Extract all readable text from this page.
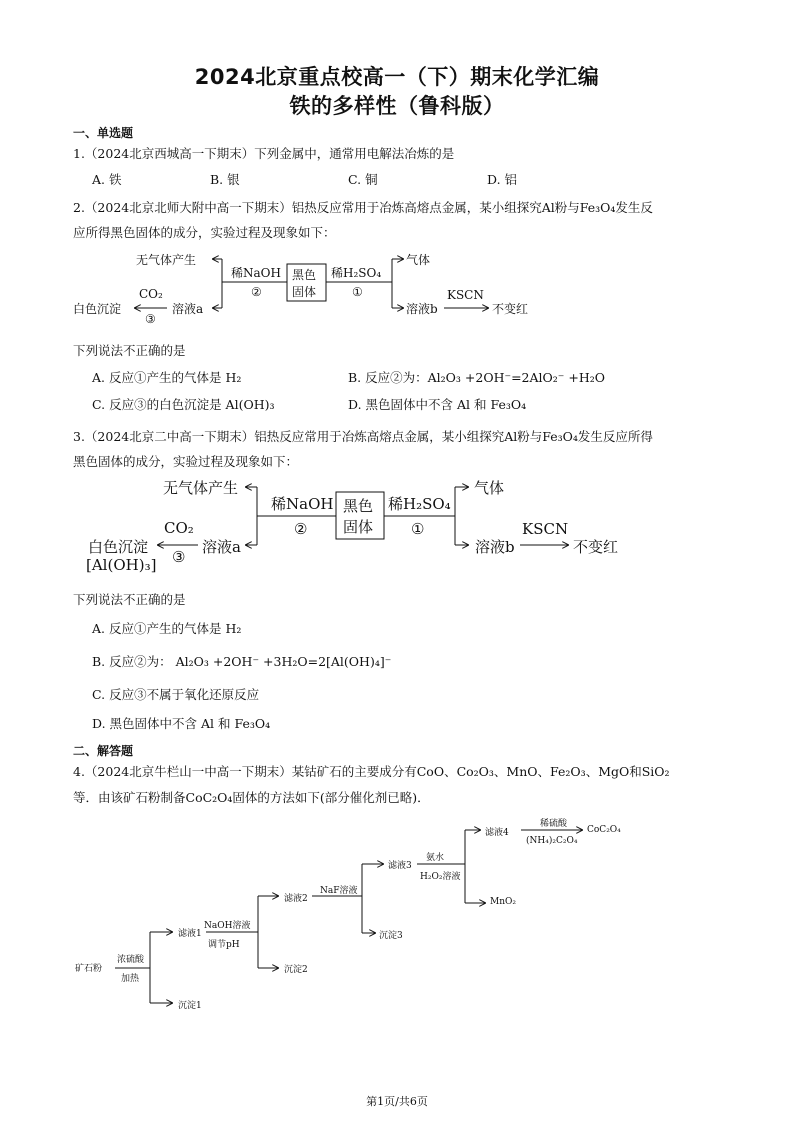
2024北京重点校高一（下）期末化学汇编
铁的多样性（鲁科版）
一、单选题
1.（2024北京西城高一下期末）下列金属中，通常用电解法冶炼的是
A. 铁	B. 银	C. 铜	D. 铝
2.（2024北京北师大附中高一下期末）铝热反应常用于冶炼高熔点金属，某小组探究Al粉与Fe₃O₄发生反
应所得黑色固体的成分，实验过程及现象如下：
无气体产生
稀NaOH
②
黑色
固体
稀H₂SO₄
①
气体
CO₂
③
白色沉淀	溶液a	溶液b
KSCN
不变红
下列说法不正确的是
A. 反应①产生的气体是 H₂	B. 反应②为：Al₂O₃ +2OH⁻=2AlO₂⁻ +H₂O
C. 反应③的白色沉淀是 Al(OH)₃	D. 黑色固体中不含 Al 和 Fe₃O₄
3.（2024北京二中高一下期末）铝热反应常用于冶炼高熔点金属，某小组探究Al粉与Fe₃O₄发生反应所得
黑色固体的成分，实验过程及现象如下：
无气体产生
稀NaOH
②
黑色
固体
稀H₂SO₄
①
气体
CO₂
③
白色沉淀
[Al(OH)₃]
溶液a	溶液b
KSCN
不变红
下列说法不正确的是
A. 反应①产生的气体是 H₂
B. 反应②为： Al₂O₃ +2OH⁻ +3H₂O=2[Al(OH)₄]⁻
C. 反应③不属于氧化还原反应
D. 黑色固体中不含 Al 和 Fe₃O₄
二、解答题
4.（2024北京牛栏山一中高一下期末）某钴矿石的主要成分有CoO、Co₂O₃、MnO、Fe₂O₃、MgO和SiO₂
等．由该矿石粉制备CoC₂O₄固体的方法如下(部分催化剂已略)．
矿石粉
浓硫酸
加热
滤液1
沉淀1
NaOH溶液
调节pH
滤液2
沉淀2
NaF溶液
沉淀3
滤液3
氨水
H₂O₂溶液
MnO₂
滤液4
稀硫酸
(NH₄)₂C₂O₄
CoC₂O₄
第1页/共6页
